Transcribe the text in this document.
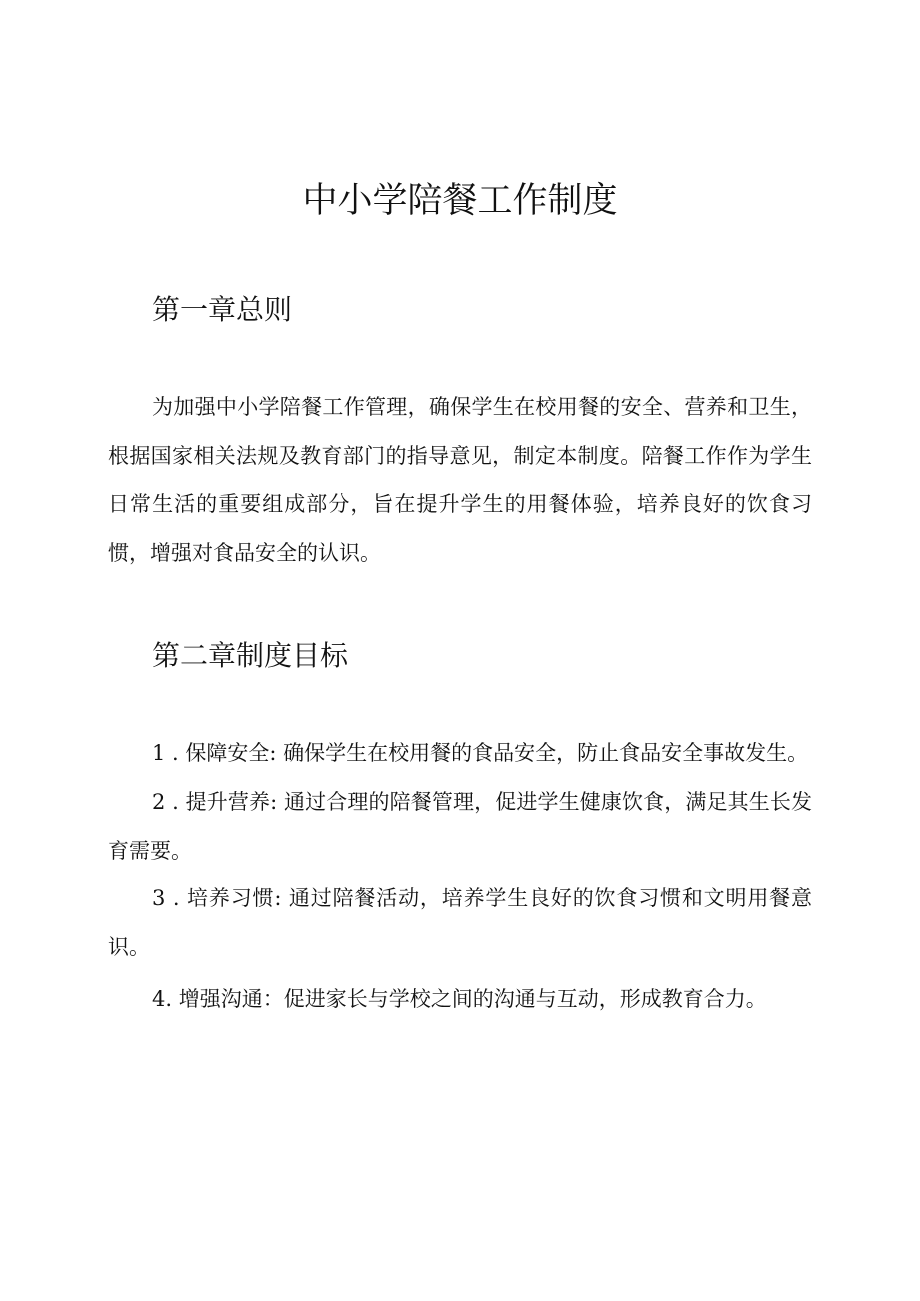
中小学陪餐工作制度
第一章总则

为加强中小学陪餐工作管理，确保学生在校用餐的安全、营养和卫生，根据国家相关法规及教育部门的指导意见，制定本制度。陪餐工作作为学生日常生活的重要组成部分，旨在提升学生的用餐体验，培养良好的饮食习惯，增强对食品安全的认识。

第二章制度目标

1 . 保障安全: 确保学生在校用餐的食品安全，防止食品安全事故发生。

2 . 提升营养: 通过合理的陪餐管理，促进学生健康饮食，满足其生长发育需要。

3 . 培养习惯: 通过陪餐活动，培养学生良好的饮食习惯和文明用餐意识。

4. 增强沟通：促进家长与学校之间的沟通与互动，形成教育合力。
